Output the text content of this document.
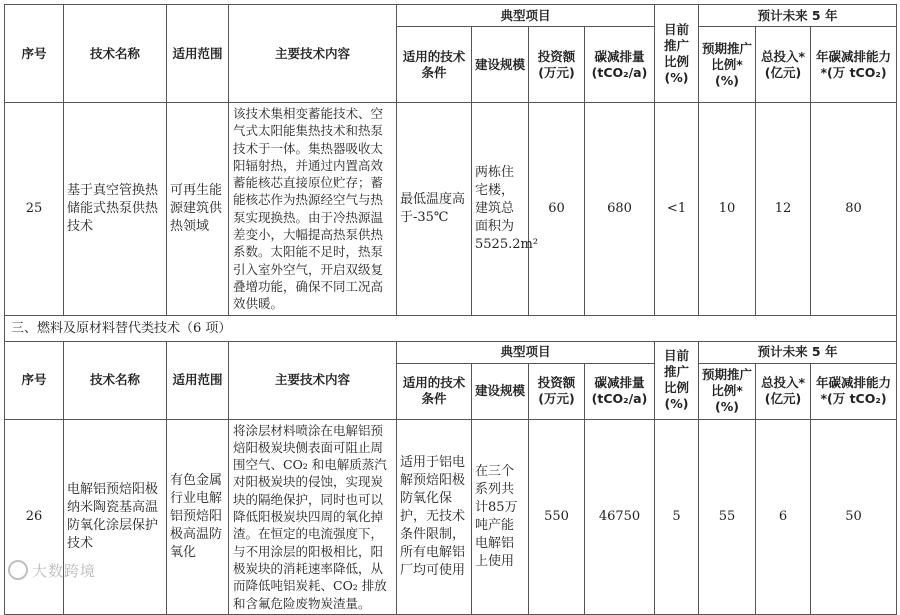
序号	技术名称	适用范围	主要技术内容	典型项目				目前推广比例(%)	预计未来 5 年		
				适用的技术条件	建设规模	投资额(万元)	碳减排量(tCO₂/a)		预期推广比例*(%)	总投入*(亿元)	年碳减排能力*(万 tCO₂)
25	基于真空管换热储能式热泵供热技术	可再生能源建筑供热领域	该技术集相变蓄能技术、空气式太阳能集热技术和热泵技术于一体。集热器吸收太阳辐射热，并通过内置高效蓄能核芯直接原位贮存；蓄能核芯作为热源经空气与热泵实现换热。由于冷热源温差变小，大幅提高热泵供热系数。太阳能不足时，热泵引入室外空气，开启双级复叠增功能，确保不同工况高效供暖。	最低温度高于-35℃	两栋住宅楼，建筑总面积为5525.2m²	60	680	<1	10	12	80
三、燃料及原材料替代类技术（6 项）											
序号	技术名称	适用范围	主要技术内容	典型项目				目前推广比例(%)	预计未来 5 年		
				适用的技术条件	建设规模	投资额(万元)	碳减排量(tCO₂/a)		预期推广比例*(%)	总投入*(亿元)	年碳减排能力*(万 tCO₂)
26	电解铝预焙阳极纳米陶瓷基高温防氧化涂层保护技术	有色金属行业电解铝预焙阳极高温防氧化	将涂层材料喷涂在电解铝预焙阳极炭块侧表面可阻止周围空气、CO₂ 和电解质蒸汽对阳极炭块的侵蚀，实现炭块的隔绝保护，同时也可以降低阳极炭块四周的氧化掉渣。在恒定的电流强度下，与不用涂层的阳极相比，阳极炭块的消耗速率降低，从而降低吨铝炭耗、CO₂ 排放和含氟危险废物炭渣量。	适用于铝电解预焙阳极防氧化保护，无技术条件限制，所有电解铝厂均可使用	在三个系列共计85万吨产能电解铝上使用	550	46750	5	55	6	50
大数跨境
